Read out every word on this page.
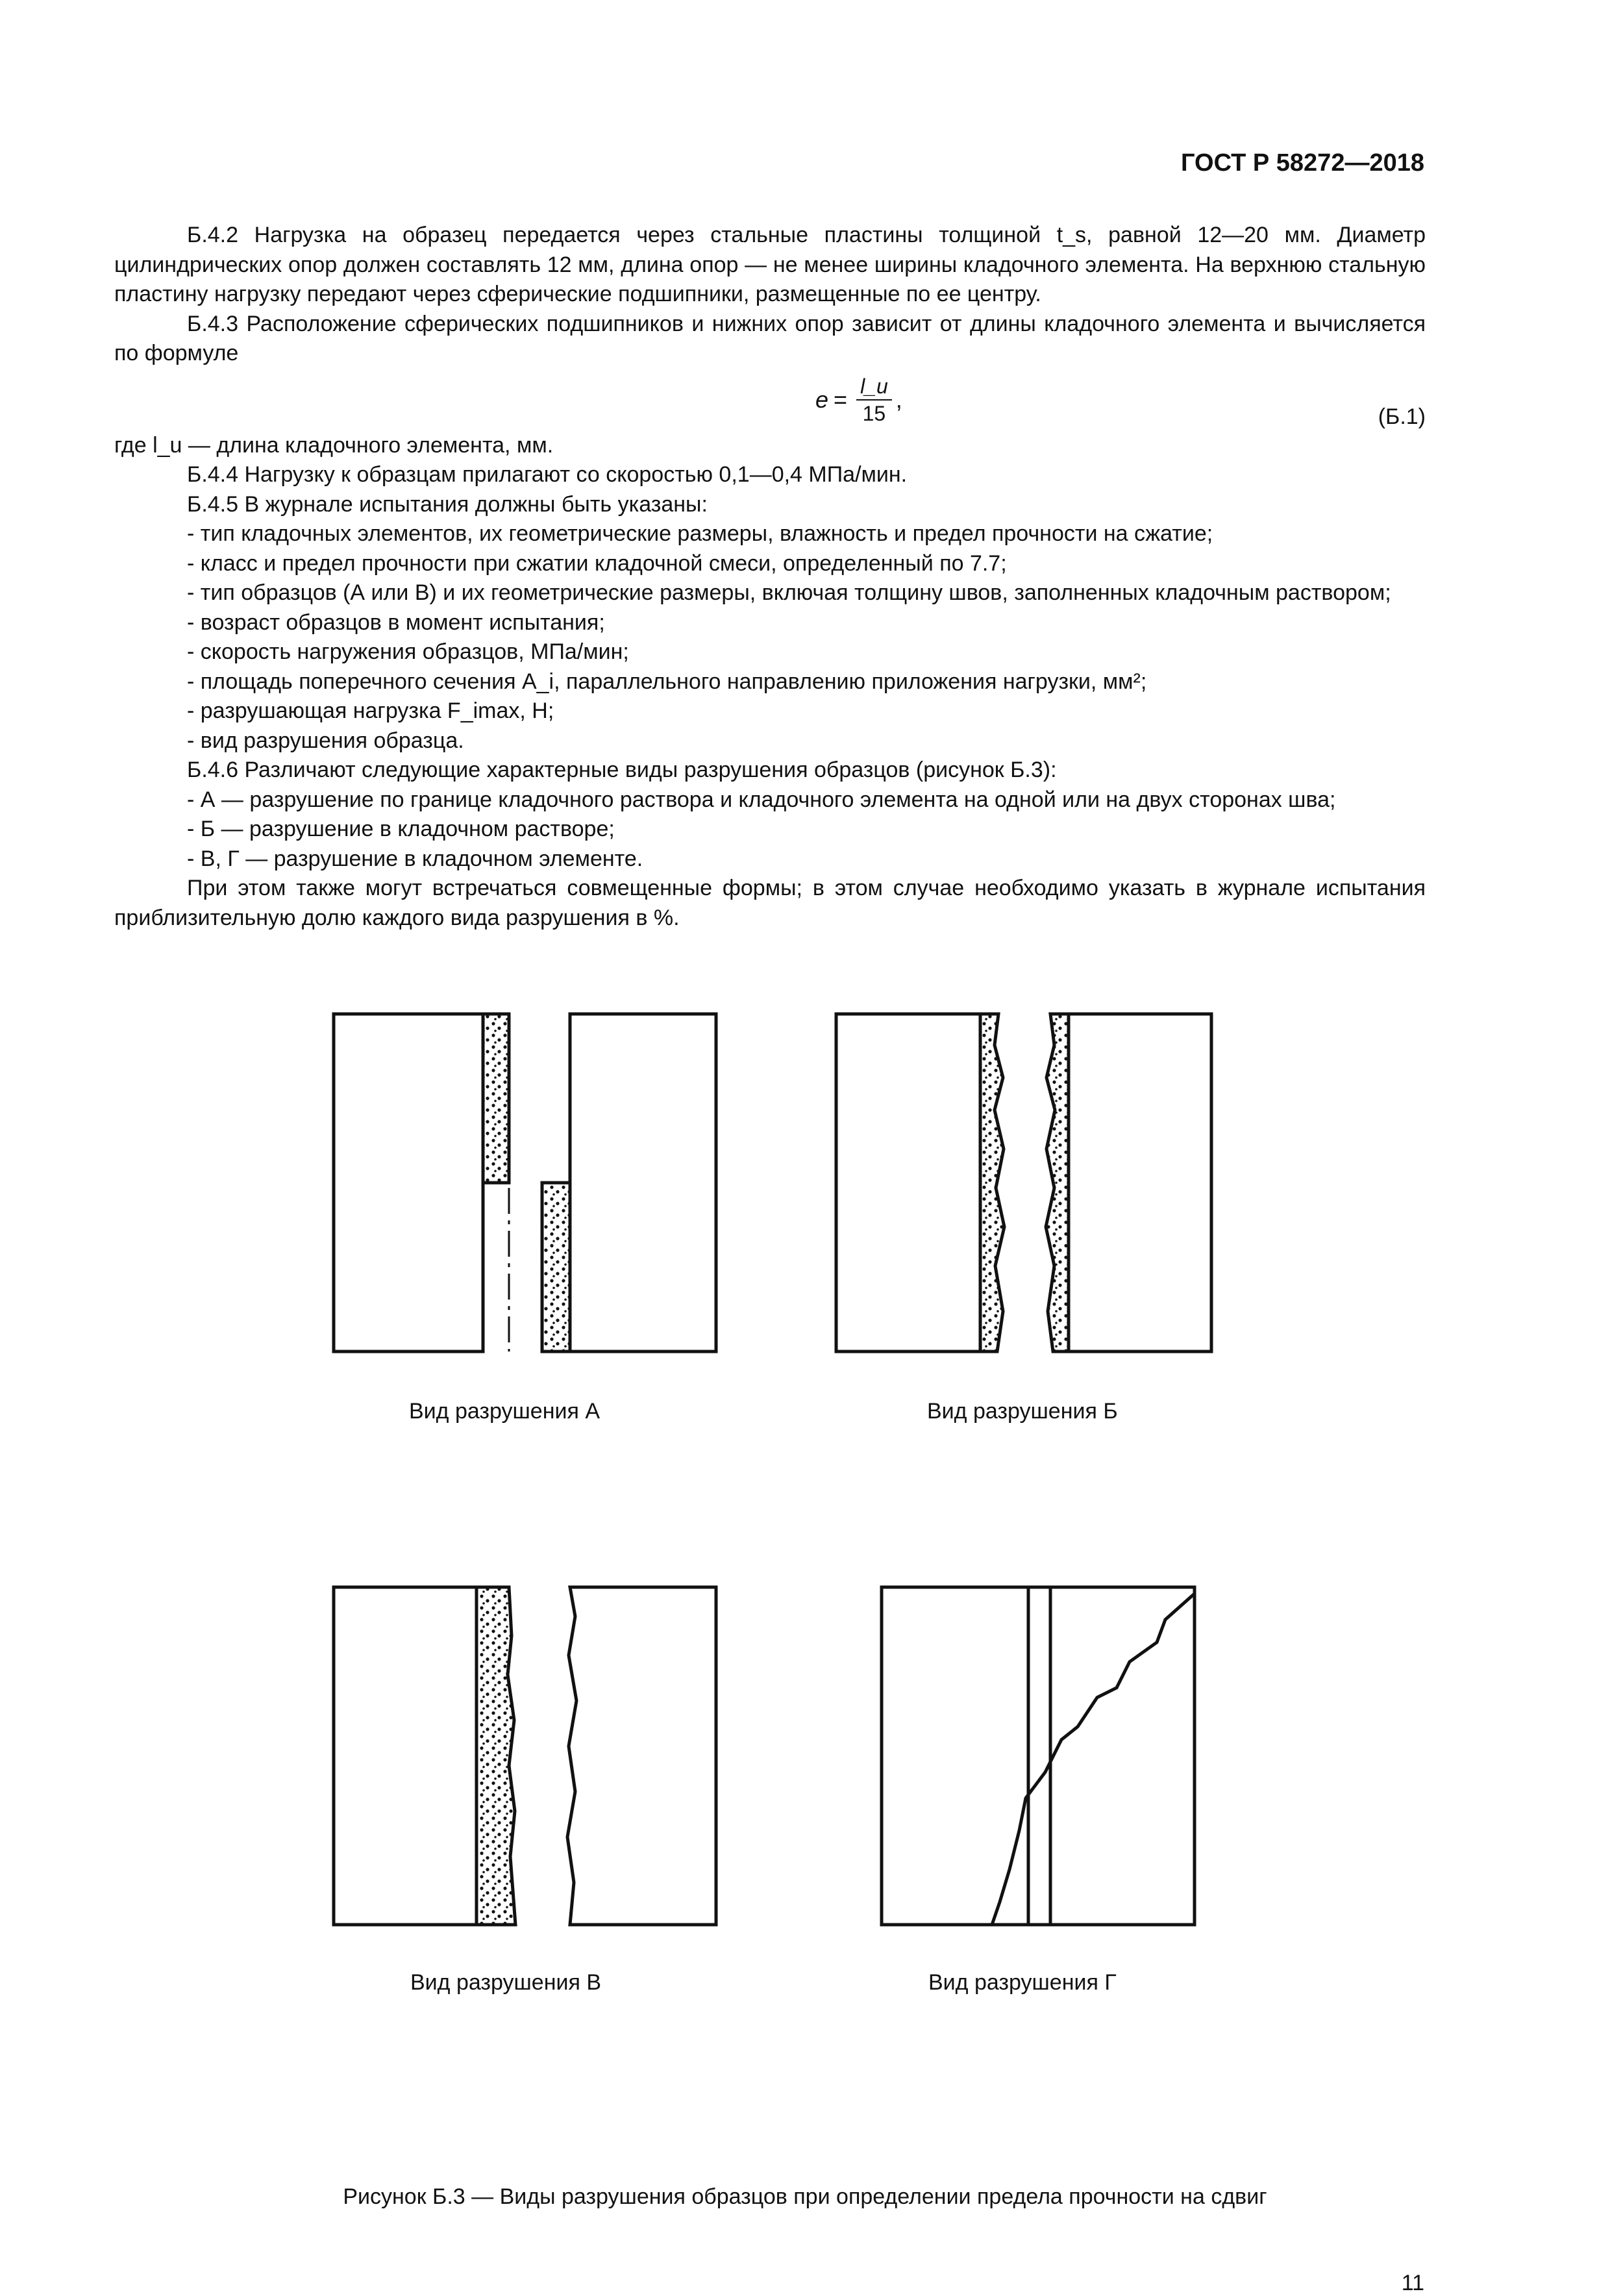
ГОСТ Р 58272—2018

Б.4.2 Нагрузка на образец передается через стальные пластины толщиной t_s, равной 12—20 мм. Диаметр цилиндрических опор должен составлять 12 мм, длина опор — не менее ширины кладочного элемента. На верхнюю стальную пластину нагрузку передают через сферические подшипники, размещенные по ее центру.

Б.4.3 Расположение сферических подшипников и нижних опор зависит от длины кладочного элемента и вычисляется по формуле

$e = \frac{l\_u}{15}$ ,
(Б.1)

где l_u — длина кладочного элемента, мм.

Б.4.4 Нагрузку к образцам прилагают со скоростью 0,1—0,4 МПа/мин.

Б.4.5 В журнале испытания должны быть указаны:

- тип кладочных элементов, их геометрические размеры, влажность и предел прочности на сжатие;

- класс и предел прочности при сжатии кладочной смеси, определенный по 7.7;

- тип образцов (А или В) и их геометрические размеры, включая толщину швов, заполненных кладочным раствором;

- возраст образцов в момент испытания;

- скорость нагружения образцов, МПа/мин;

- площадь поперечного сечения A_i, параллельного направлению приложения нагрузки, мм²;

- разрушающая нагрузка F_imax, Н;

- вид разрушения образца.

Б.4.6 Различают следующие характерные виды разрушения образцов (рисунок Б.3):

- А — разрушение по границе кладочного раствора и кладочного элемента на одной или на двух сторонах шва;

- Б — разрушение в кладочном растворе;

- В, Г — разрушение в кладочном элементе.

При этом также могут встречаться совмещенные формы; в этом случае необходимо указать в журнале испытания приблизительную долю каждого вида разрушения в %.

Вид разрушения А	Вид разрушения Б
Вид разрушения В	Вид разрушения Г
Рисунок Б.3 — Виды разрушения образцов при определении предела прочности на сдвиг
11
